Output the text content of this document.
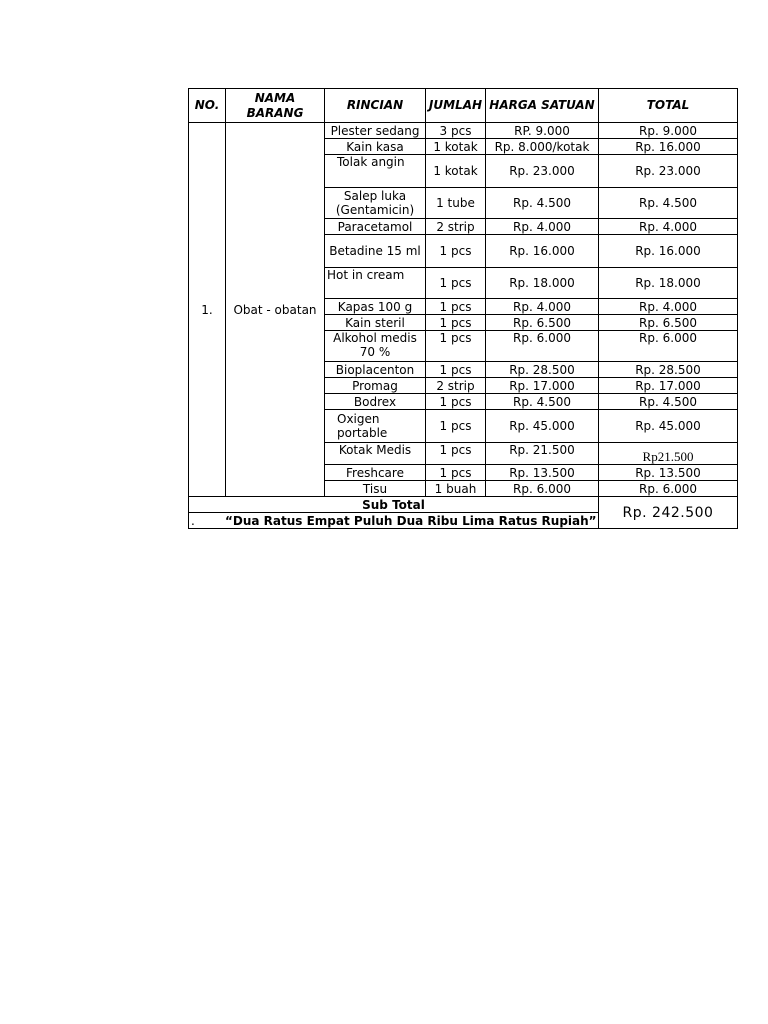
NO.	NAMA BARANG	RINCIAN	JUMLAH	HARGA SATUAN	TOTAL
1.	Obat - obatan	Plester sedang	3 pcs	RP. 9.000	Rp. 9.000
		Kain kasa	1 kotak	Rp. 8.000/kotak	Rp. 16.000
		Tolak angin	1 kotak	Rp. 23.000	Rp. 23.000
		Salep luka (Gentamicin)	1 tube	Rp. 4.500	Rp. 4.500
		Paracetamol	2 strip	Rp. 4.000	Rp. 4.000
		Betadine 15 ml	1 pcs	Rp. 16.000	Rp. 16.000
		Hot in cream	1 pcs	Rp. 18.000	Rp. 18.000
		Kapas 100 g	1 pcs	Rp. 4.000	Rp. 4.000
		Kain steril	1 pcs	Rp. 6.500	Rp. 6.500
		Alkohol medis 70 %	1 pcs	Rp. 6.000	Rp. 6.000
		Bioplacenton	1 pcs	Rp. 28.500	Rp. 28.500
		Promag	2 strip	Rp. 17.000	Rp. 17.000
		Bodrex	1 pcs	Rp. 4.500	Rp. 4.500
		Oxigen portable	1 pcs	Rp. 45.000	Rp. 45.000
		Kotak Medis	1 pcs	Rp. 21.500	Rp21.500
		Freshcare	1 pcs	Rp. 13.500	Rp. 13.500
		Tisu	1 buah	Rp. 6.000	Rp. 6.000
Sub Total					Rp. 242.500
. “Dua Ratus Empat Puluh Dua Ribu Lima Ratus Rupiah”					
